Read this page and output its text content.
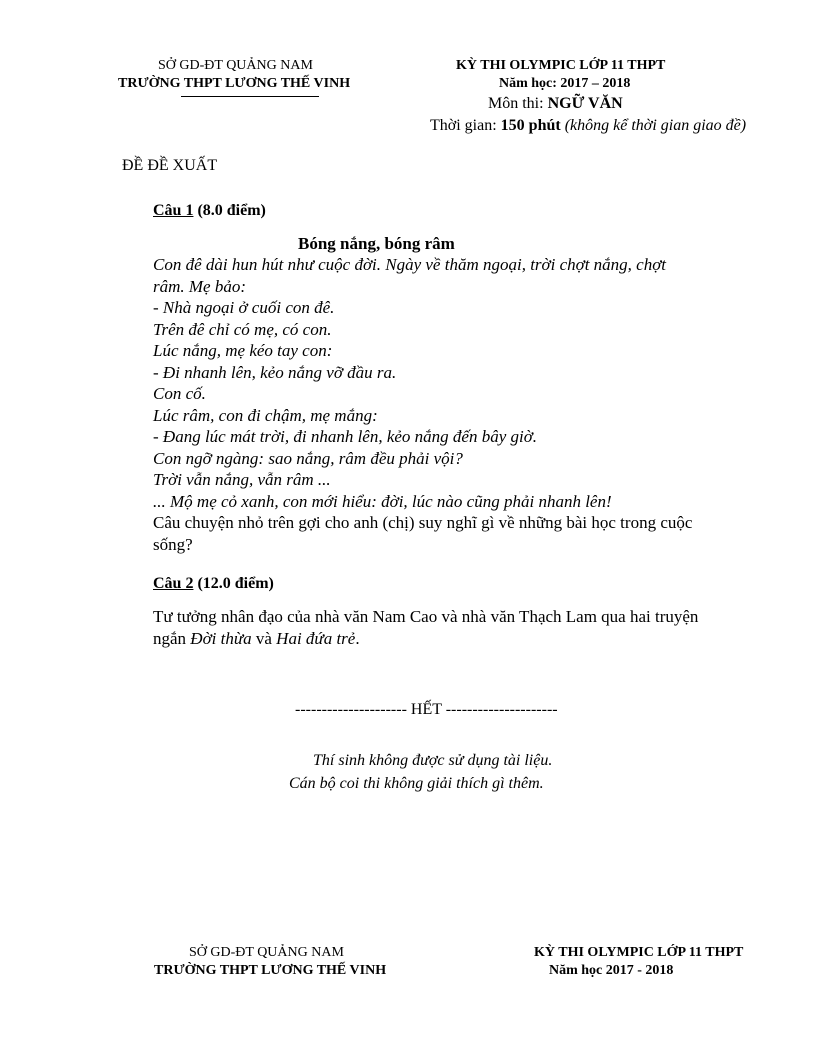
SỞ GD-ĐT QUẢNG NAM
TRƯỜNG THPT LƯƠNG THẾ VINH
KỲ THI OLYMPIC LỚP 11 THPT
Năm học: 2017 – 2018
Môn thi: NGỮ VĂN
Thời gian: 150 phút (không kể thời gian giao đề)
ĐỀ ĐỀ XUẤT
Câu 1 (8.0 điểm)
Bóng nắng, bóng râm
Con đê dài hun hút như cuộc đời. Ngày về thăm ngoại, trời chợt nắng, chợt
râm. Mẹ bảo:
- Nhà ngoại ở cuối con đê.
Trên đê chỉ có mẹ, có con.
Lúc nắng, mẹ kéo tay con:
- Đi nhanh lên, kẻo nắng vỡ đầu ra.
Con cố.
Lúc râm, con đi chậm, mẹ mắng:
- Đang lúc mát trời, đi nhanh lên, kẻo nắng đến bây giờ.
Con ngỡ ngàng: sao nắng, râm đều phải vội?
Trời vẫn nắng, vẫn râm ...
... Mộ mẹ cỏ xanh, con mới hiểu: đời, lúc nào cũng phải nhanh lên!
Câu chuyện nhỏ trên gợi cho anh (chị) suy nghĩ gì về những bài học trong cuộc sống?
Câu 2 (12.0 điểm)
Tư tưởng nhân đạo của nhà văn Nam Cao và nhà văn Thạch Lam qua hai truyện ngắn Đời thừa và Hai đứa trẻ.
--------------------- HẾT ---------------------
Thí sinh không được sử dụng tài liệu.
Cán bộ coi thi không giải thích gì thêm.
SỞ GD-ĐT QUẢNG NAM
TRƯỜNG THPT LƯƠNG THẾ VINH
KỲ THI OLYMPIC LỚP 11 THPT
Năm học 2017 - 2018
